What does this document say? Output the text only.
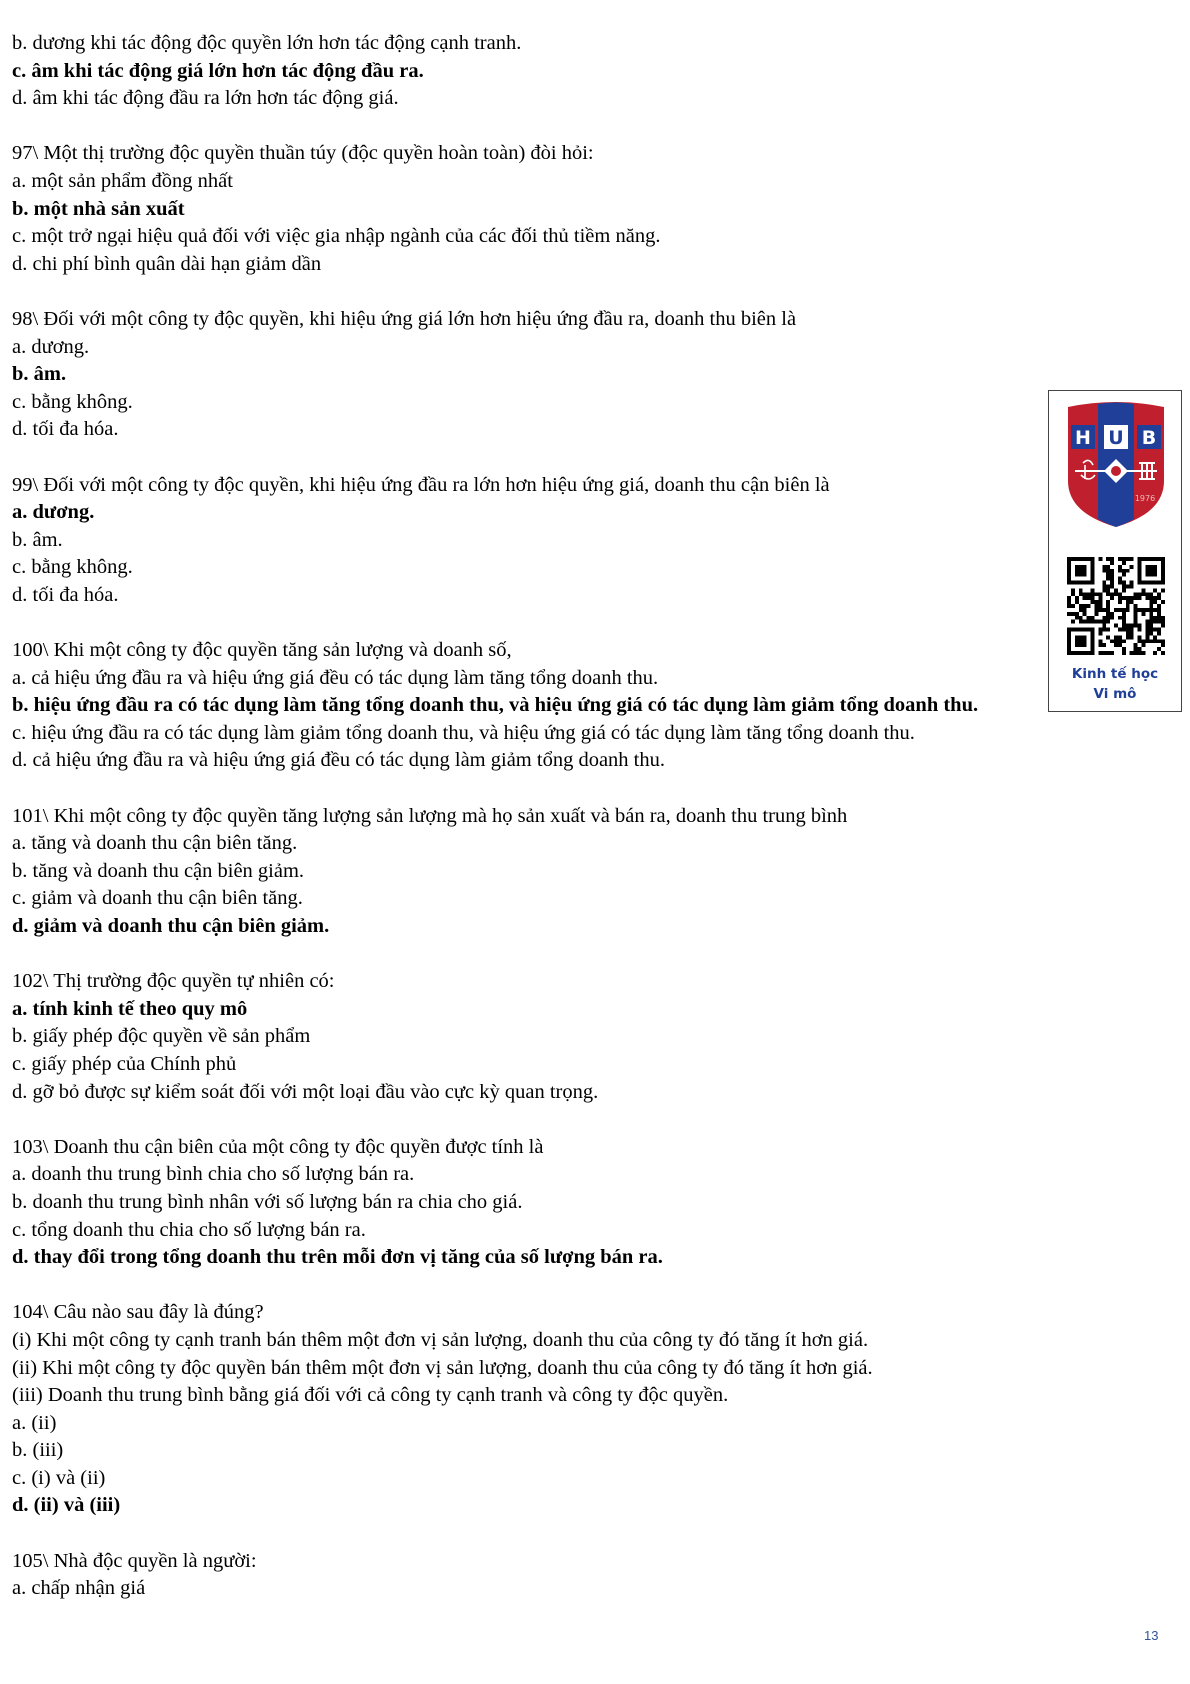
b. dương khi tác động độc quyền lớn hơn tác động cạnh tranh.
c. âm khi tác động giá lớn hơn tác động đầu ra.
d. âm khi tác động đầu ra lớn hơn tác động giá.
97\ Một thị trường độc quyền thuần túy (độc quyền hoàn toàn) đòi hỏi:
a. một sản phẩm đồng nhất
b. một nhà sản xuất
c. một trở ngại hiệu quả đối với việc gia nhập ngành của các đối thủ tiềm năng.
d. chi phí bình quân dài hạn giảm dần
98\ Đối với một công ty độc quyền, khi hiệu ứng giá lớn hơn hiệu ứng đầu ra, doanh thu biên là
a. dương.
b. âm.
c. bằng không.
d. tối đa hóa.
99\ Đối với một công ty độc quyền, khi hiệu ứng đầu ra lớn hơn hiệu ứng giá, doanh thu cận biên là
a. dương.
b. âm.
c. bằng không.
d. tối đa hóa.
100\ Khi một công ty độc quyền tăng sản lượng và doanh số,
a. cả hiệu ứng đầu ra và hiệu ứng giá đều có tác dụng làm tăng tổng doanh thu.
b. hiệu ứng đầu ra có tác dụng làm tăng tổng doanh thu, và hiệu ứng giá có tác dụng làm giảm tổng doanh thu.
c. hiệu ứng đầu ra có tác dụng làm giảm tổng doanh thu, và hiệu ứng giá có tác dụng làm tăng tổng doanh thu.
d. cả hiệu ứng đầu ra và hiệu ứng giá đều có tác dụng làm giảm tổng doanh thu.
101\ Khi một công ty độc quyền tăng lượng sản lượng mà họ sản xuất và bán ra, doanh thu trung bình
a. tăng và doanh thu cận biên tăng.
b. tăng và doanh thu cận biên giảm.
c. giảm và doanh thu cận biên tăng.
d. giảm và doanh thu cận biên giảm.
102\ Thị trường độc quyền tự nhiên có:
a. tính kinh tế theo quy mô
b. giấy phép độc quyền về sản phẩm
c. giấy phép của Chính phủ
d. gỡ bỏ được sự kiểm soát đối với một loại đầu vào cực kỳ quan trọng.
103\ Doanh thu cận biên của một công ty độc quyền được tính là
a. doanh thu trung bình chia cho số lượng bán ra.
b. doanh thu trung bình nhân với số lượng bán ra chia cho giá.
c. tổng doanh thu chia cho số lượng bán ra.
d. thay đổi trong tổng doanh thu trên mỗi đơn vị tăng của số lượng bán ra.
104\ Câu nào sau đây là đúng?
(i) Khi một công ty cạnh tranh bán thêm một đơn vị sản lượng, doanh thu của công ty đó tăng ít hơn giá.
(ii) Khi một công ty độc quyền bán thêm một đơn vị sản lượng, doanh thu của công ty đó tăng ít hơn giá.
(iii) Doanh thu trung bình bằng giá đối với cả công ty cạnh tranh và công ty độc quyền.
a. (ii)
b. (iii)
c. (i) và (ii)
d. (ii) và (iii)
105\ Nhà độc quyền là người:
a. chấp nhận giá
H U B
1976
Kinh tế học
Vi mô
13
